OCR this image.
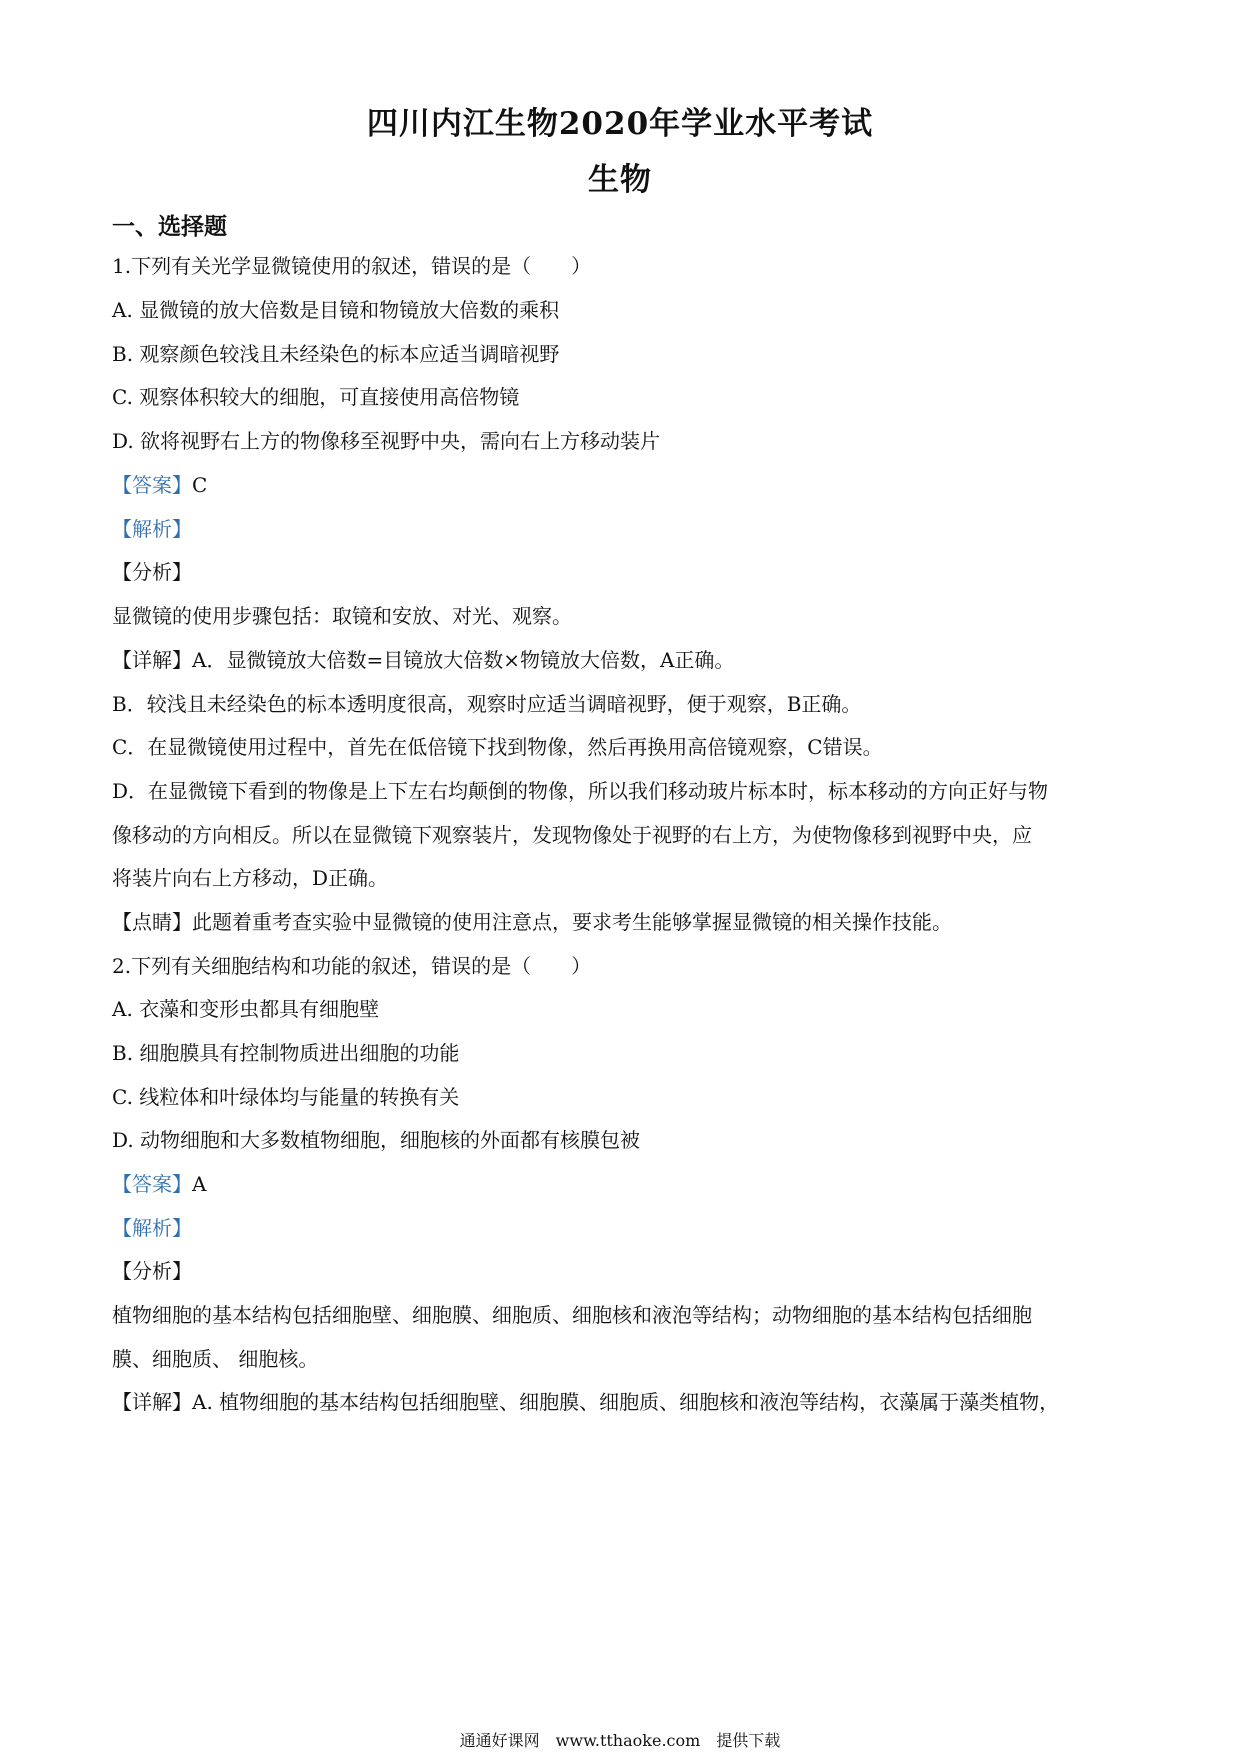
四川内江生物2020年学业水平考试
生物
一、选择题
1.下列有关光学显微镜使用的叙述，错误的是（　　）
A. 显微镜的放大倍数是目镜和物镜放大倍数的乘积
B. 观察颜色较浅且未经染色的标本应适当调暗视野
C. 观察体积较大的细胞，可直接使用高倍物镜
D. 欲将视野右上方的物像移至视野中央，需向右上方移动装片
【答案】C
【解析】
【分析】
显微镜的使用步骤包括：取镜和安放、对光、观察。
【详解】A．显微镜放大倍数=目镜放大倍数×物镜放大倍数，A正确。
B．较浅且未经染色的标本透明度很高，观察时应适当调暗视野，便于观察，B正确。
C．在显微镜使用过程中，首先在低倍镜下找到物像，然后再换用高倍镜观察，C错误。
D．在显微镜下看到的物像是上下左右均颠倒的物像，所以我们移动玻片标本时，标本移动的方向正好与物
像移动的方向相反。所以在显微镜下观察装片，发现物像处于视野的右上方，为使物像移到视野中央，应
将装片向右上方移动，D正确。
【点睛】此题着重考查实验中显微镜的使用注意点，要求考生能够掌握显微镜的相关操作技能。
2.下列有关细胞结构和功能的叙述，错误的是（　　）
A. 衣藻和变形虫都具有细胞壁
B. 细胞膜具有控制物质进出细胞的功能
C. 线粒体和叶绿体均与能量的转换有关
D. 动物细胞和大多数植物细胞，细胞核的外面都有核膜包被
【答案】A
【解析】
【分析】
植物细胞的基本结构包括细胞壁、细胞膜、细胞质、细胞核和液泡等结构；动物细胞的基本结构包括细胞
膜、细胞质、 细胞核。
【详解】A. 植物细胞的基本结构包括细胞壁、细胞膜、细胞质、细胞核和液泡等结构，衣藻属于藻类植物，
通通好课网　www.tthaoke.com　提供下载
